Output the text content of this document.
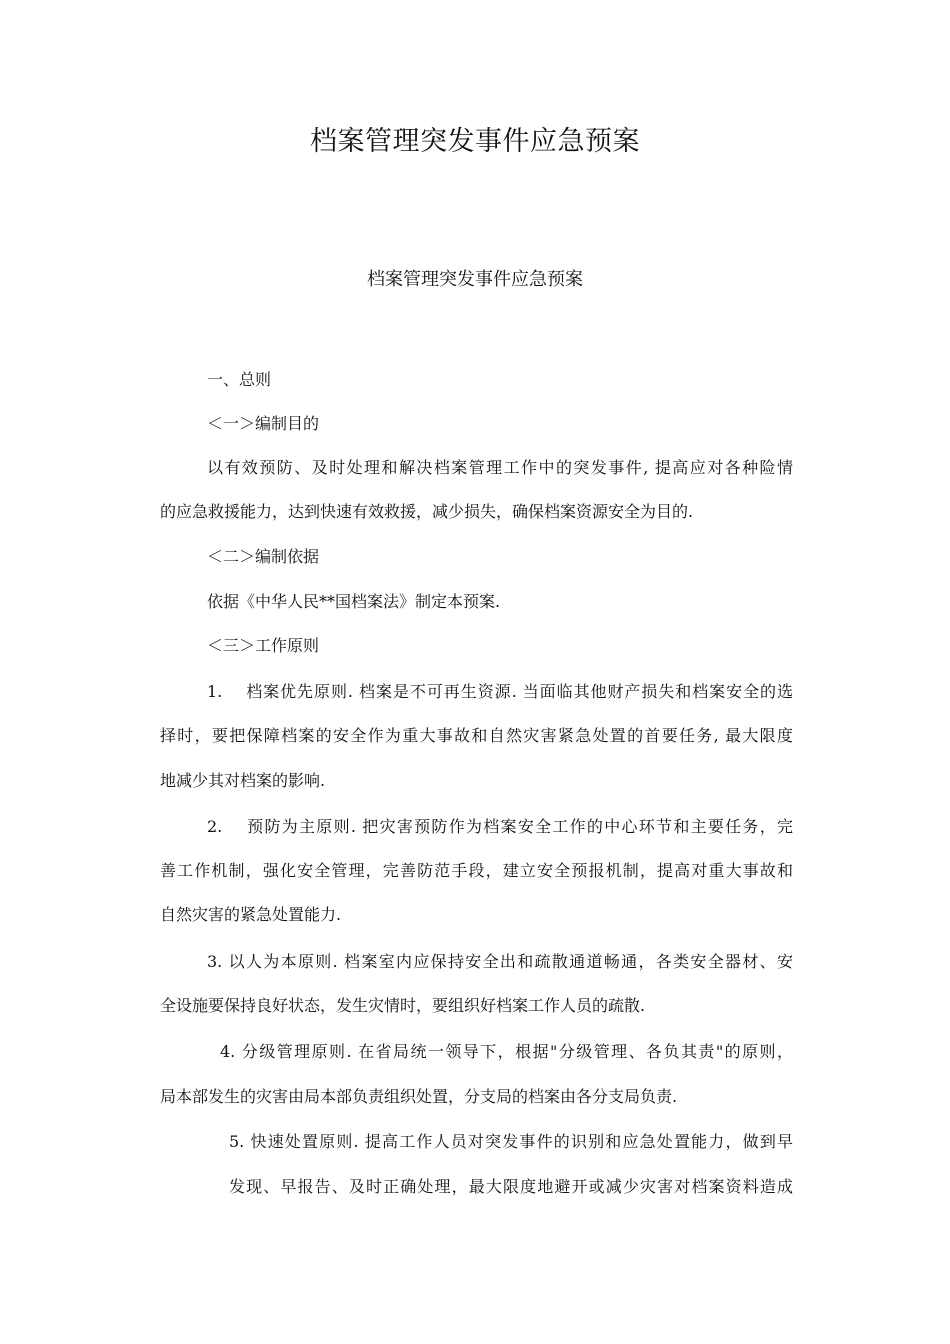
档案管理突发事件应急预案
档案管理突发事件应急预案
一、总则
＜一＞编制目的
以有效预防、及时处理和解决档案管理工作中的突发事件, 提高应对各种险情
的应急救援能力，达到快速有效救援，减少损失，确保档案资源安全为目的.
＜二＞编制依据
依据《中华人民**国档案法》制定本预案.
＜三＞工作原则
1.　 档案优先原则. 档案是不可再生资源. 当面临其他财产损失和档案安全的选
择时，要把保障档案的安全作为重大事故和自然灾害紧急处置的首要任务, 最大限度
地减少其对档案的影响.
2.　 预防为主原则. 把灾害预防作为档案安全工作的中心环节和主要任务，完
善工作机制，强化安全管理，完善防范手段，建立安全预报机制，提高对重大事故和
自然灾害的紧急处置能力.
3. 以人为本原则. 档案室内应保持安全出和疏散通道畅通，各类安全器材、安
全设施要保持良好状态，发生灾情时，要组织好档案工作人员的疏散.
4. 分级管理原则. 在省局统一领导下，根据"分级管理、各负其责"的原则，
局本部发生的灾害由局本部负责组织处置，分支局的档案由各分支局负责.
5. 快速处置原则. 提高工作人员对突发事件的识别和应急处置能力，做到早
发现、早报告、及时正确处理，最大限度地避开或减少灾害对档案资料造成
